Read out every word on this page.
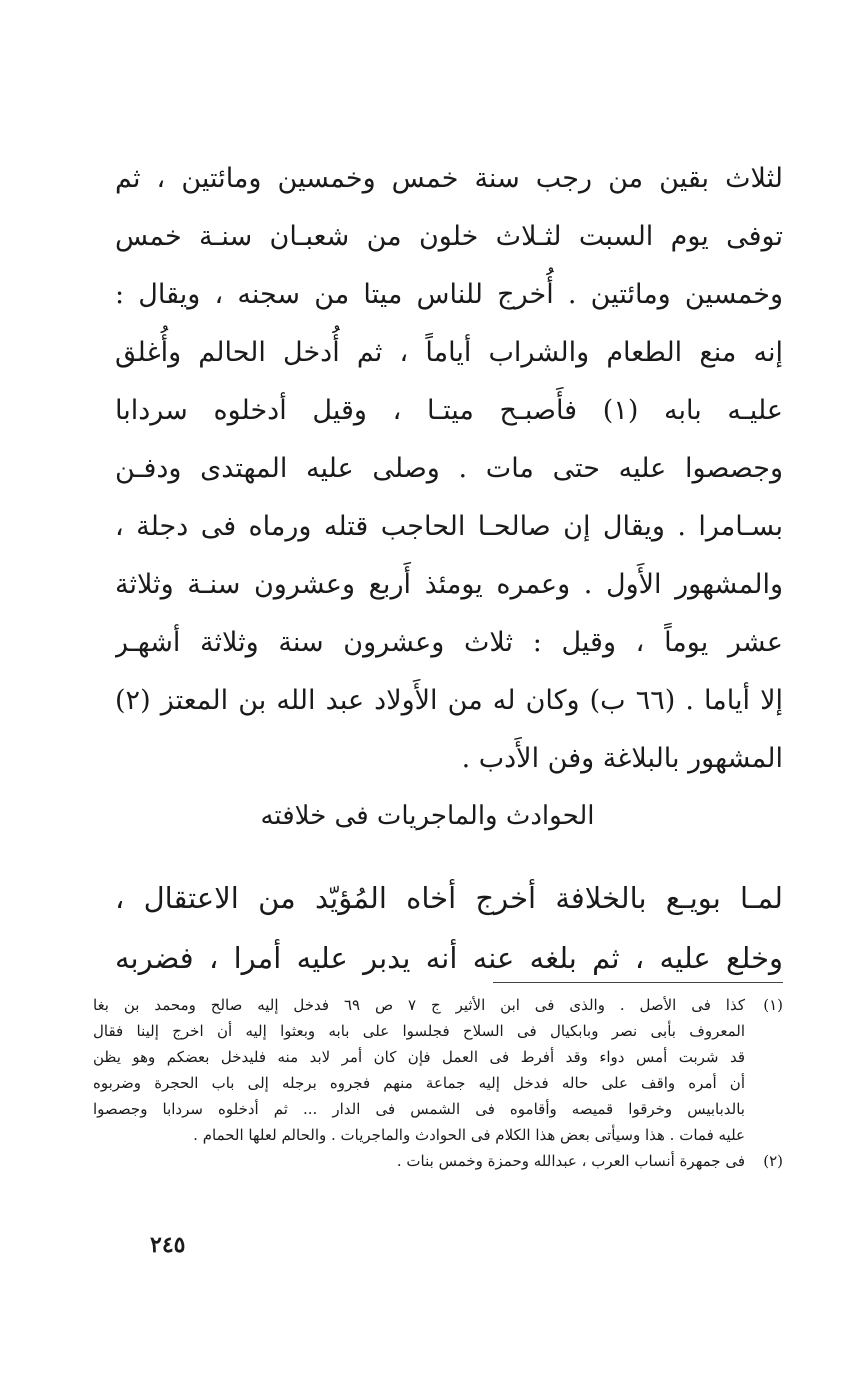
لثلاث بقين من رجب سنة خمس وخمسين ومائتين ، ثم
توفى يوم السبت لثـلاث خلون من شعبـان سنـة خمس
وخمسين ومائتين . أُخرج للناس ميتا من سجنه ، ويقال :
إنه منع الطعام والشراب أياماً ، ثم أُدخل الحالم وأُغلق
عليـه بابه (١) فأَصبـح ميتـا ، وقيل أدخلوه سردابا
وجصصوا عليه حتى مات . وصلى عليه المهتدى ودفـن
بسـامرا . ويقال إن صالحـا الحاجب قتله ورماه فى دجلة ،
والمشهور الأَول . وعمره يومئذ أَربع وعشرون سنـة وثلاثة
عشر يوماً ، وقيل : ثلاث وعشرون سنة وثلاثة أشهـر
إلا أياما . (٦٦ ب) وكان له من الأَولاد عبد الله بن المعتز (٢)
المشهور بالبلاغة وفن الأَدب .
الحوادث والماجريات فى خلافته
لمـا بويـع بالخلافة أخرج أخاه المُؤيّد من الاعتقال ،
وخلع عليه ، ثم بلغه عنه أنه يدبر عليه أمرا ، فضربه
(١)
كذا فى الأصل . والذى فى ابن الأثير ج ٧ ص ٦٩ فدخل إليه صالح ومحمد بن بغا
المعروف بأبى نصر وبابكيال فى السلاح فجلسوا على بابه وبعثوا إليه أن اخرج إلينا فقال
قد شربت أمس دواء وقد أفرط فى العمل فإن كان أمر لابد منه فليدخل بعضكم وهو يظن
أن أمره واقف على حاله فدخل إليه جماعة منهم فجروه برجله إلى باب الحجرة وضربوه
بالدبابيس وخرقوا قميصه وأقاموه فى الشمس فى الدار ... ثم أدخلوه سردابا وجصصوا
عليه فمات . هذا وسيأتى بعض هذا الكلام فى الحوادث والماجريات . والحالم لعلها الحمام .
(٢)
فى جمهرة أنساب العرب ، عبدالله وحمزة وخمس بنات .
٢٤٥
